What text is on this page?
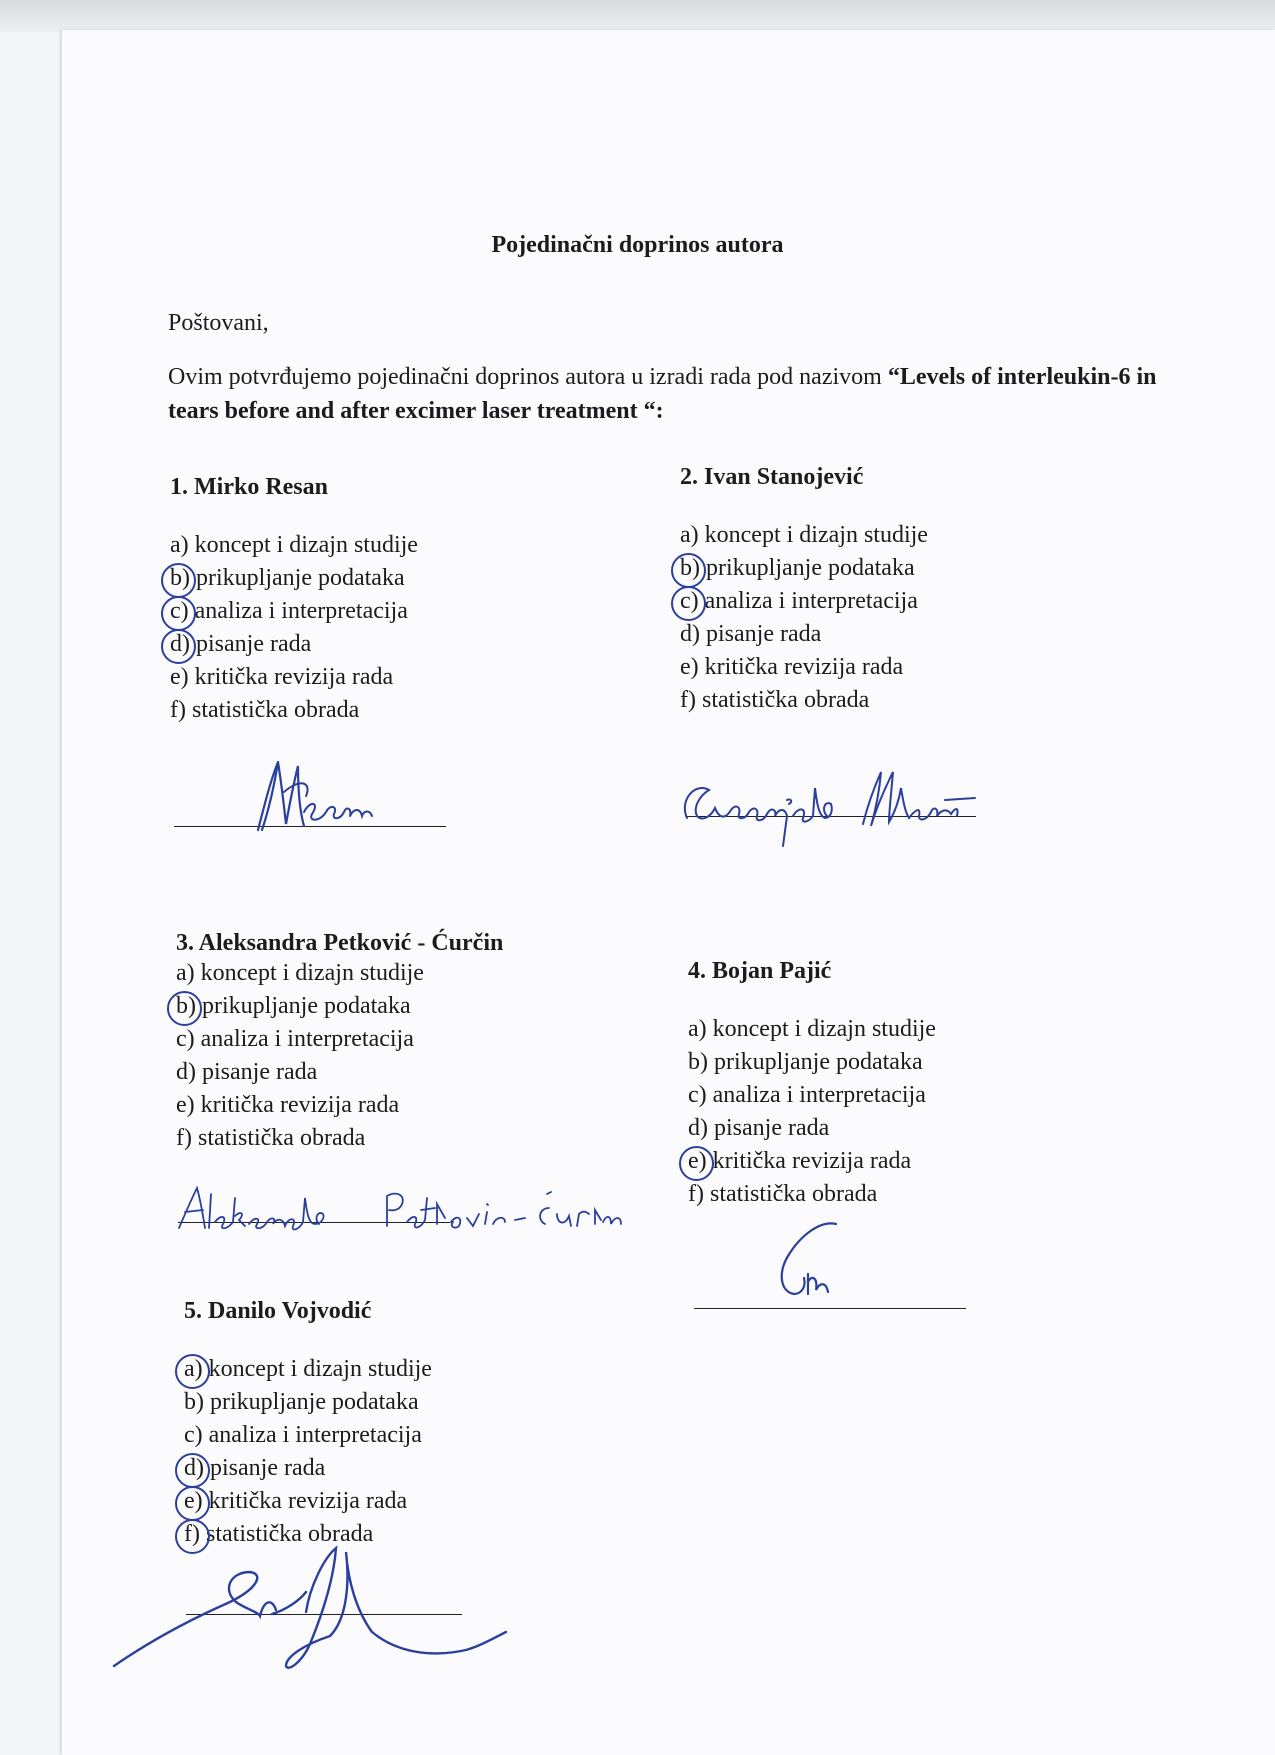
Pojedinačni doprinos autora
Poštovani,
Ovim potvrđujemo pojedinačni doprinos autora u izradi rada pod nazivom “Levels of interleukin-6 in tears before and after excimer laser treatment “:
1. Mirko Resan
a) koncept i dizajn studije
b) prikupljanje podataka
c) analiza i interpretacija
d) pisanje rada
e) kritička revizija rada
f) statistička obrada
2. Ivan Stanojević
a) koncept i dizajn studije
b) prikupljanje podataka
c) analiza i interpretacija
d) pisanje rada
e) kritička revizija rada
f) statistička obrada
3. Aleksandra Petković - Ćurčin
a) koncept i dizajn studije
b) prikupljanje podataka
c) analiza i interpretacija
d) pisanje rada
e) kritička revizija rada
f) statistička obrada
4. Bojan Pajić
a) koncept i dizajn studije
b) prikupljanje podataka
c) analiza i interpretacija
d) pisanje rada
e) kritička revizija rada
f) statistička obrada
5. Danilo Vojvodić
a) koncept i dizajn studije
b) prikupljanje podataka
c) analiza i interpretacija
d) pisanje rada
e) kritička revizija rada
f) statistička obrada
